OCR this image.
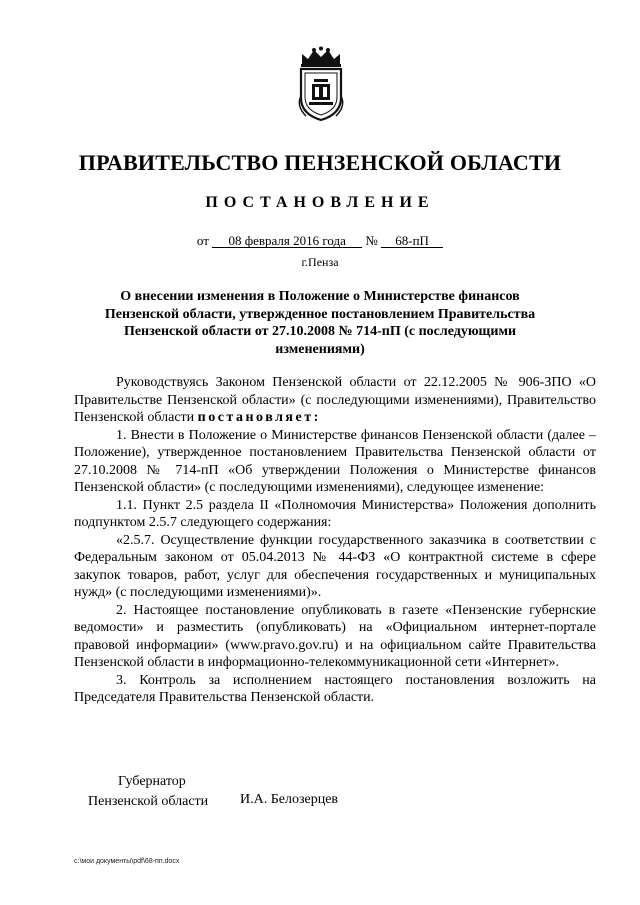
ПРАВИТЕЛЬСТВО ПЕНЗЕНСКОЙ ОБЛАСТИ
ПОСТАНОВЛЕНИЕ
от 08 февраля 2016 года № 68-пП
г.Пенза
О внесении изменения в Положение о Министерстве финансов Пензенской области, утвержденное постановлением Правительства Пензенской области от 27.10.2008 № 714-пП (с последующими изменениями)

Руководствуясь Законом Пензенской области от 22.12.2005 № 906-ЗПО «О Правительстве Пензенской области» (с последующими изменениями), Правительство Пензенской области постановляет:

1. Внести в Положение о Министерстве финансов Пензенской области (далее – Положение), утвержденное постановлением Правительства Пензенской области от 27.10.2008 № 714-пП «Об утверждении Положения о Министерстве финансов Пензенской области» (с последующими изменениями), следующее изменение:

1.1. Пункт 2.5 раздела II «Полномочия Министерства» Положения дополнить подпунктом 2.5.7 следующего содержания:

«2.5.7. Осуществление функции государственного заказчика в соответствии с Федеральным законом от 05.04.2013 № 44-ФЗ «О контрактной системе в сфере закупок товаров, работ, услуг для обеспечения государственных и муниципальных нужд» (с последующими изменениями)».

2. Настоящее постановление опубликовать в газете «Пензенские губернские ведомости» и разместить (опубликовать) на «Официальном интернет-портале правовой информации» (www.pravo.gov.ru) и на официальном сайте Правительства Пензенской области в информационно-телекоммуникационной сети «Интернет».

3. Контроль за исполнением настоящего постановления возложить на Председателя Правительства Пензенской области.

Губернатор
Пензенской области И.А. Белозерцев
c:\мои документы\pdf\68-пп.docx
